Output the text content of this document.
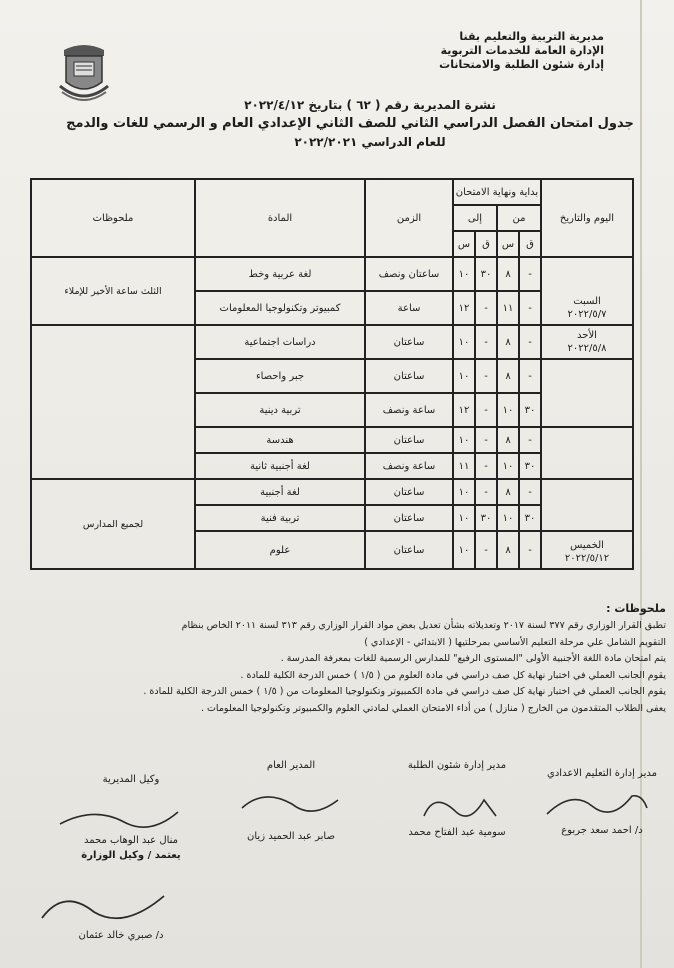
مديرية التربية والتعليم بقنا
الإدارة العامة للخدمات التربوية
إدارة شئون الطلبة والامتحانات
نشرة المديرية رقم ( ٦٢ ) بتاريخ ٢٠٢٢/٤/١٢
جدول امتحان الفصل الدراسي الثاني للصف الثاني الإعدادي العام و الرسمي للغات والدمج
للعام الدراسي ٢٠٢٢/٢٠٢١
اليوم والتاريخ	بداية ونهاية الامتحان				الزمن	المادة	ملحوظات
	من		إلى				
	ق	س	ق	س			

السبت
٢٠٢٢/٥/٧	-	٨	٣٠	١٠	ساعتان ونصف	لغة عربية وخط	الثلث ساعة الأخير للإملاء
	-	١١	-	١٢	ساعة	كمبيوتر وتكنولوجيا المعلومات	

الأحد
٢٠٢٢/٥/٨	-	٨	-	١٠	ساعتان	دراسات اجتماعية	

	-	٨	-	١٠	ساعتان	جبر واحصاء	
	٣٠	١٠	-	١٢	ساعة ونصف	تربية دينية	

	-	٨	-	١٠	ساعتان	هندسة	
	٣٠	١٠	-	١١	ساعة ونصف	لغة أجنبية ثانية	

	-	٨	-	١٠	ساعتان	لغة أجنبية	لجميع المدارس
	٣٠	١٠	٣٠	١٠	ساعتان	تربية فنية	

الخميس
٢٠٢٢/٥/١٢	-	٨	-	١٠	ساعتان	علوم	
ملحوظات :
تطبق القرار الوزاري رقم ٣٧٧ لسنة ٢٠١٧ وتعديلاته بشأن تعديل بعض مواد القرار الوزاري رقم ٣١٣ لسنة ٢٠١١ الخاص بنظام
التقويم الشامل علي مرحلة التعليم الأساسي بمرحلتيها ( الابتدائي - الإعدادي )
يتم امتحان مادة اللغة الأجنبية الأولى "المستوى الرفيع" للمدارس الرسمية للغات بمعرفة المدرسة .
يقوم الجانب العملي في اختبار نهاية كل صف دراسي في مادة العلوم من ( ١/٥ ) خمس الدرجة الكلية للمادة .
يقوم الجانب العملي في اختبار نهاية كل صف دراسي في مادة الكمبيوتر وتكنولوجيا المعلومات من ( ١/٥ ) خمس الدرجة الكلية للمادة .
يعفى الطلاب المتقدمون من الخارج ( منازل ) من أداء الامتحان العملي لمادتي العلوم والكمبيوتر وتكنولوجيا المعلومات .
مدير إدارة التعليم الاعدادي
د/ احمد سعد جربوع
مدير إدارة شئون الطلبة
سومية عبد الفتاح محمد
المدير العام
صابر عبد الحميد زيان
وكيل المديرية
منال عبد الوهاب محمد
يعتمد / وكيل الوزارة
د/ صبري خالد عثمان
